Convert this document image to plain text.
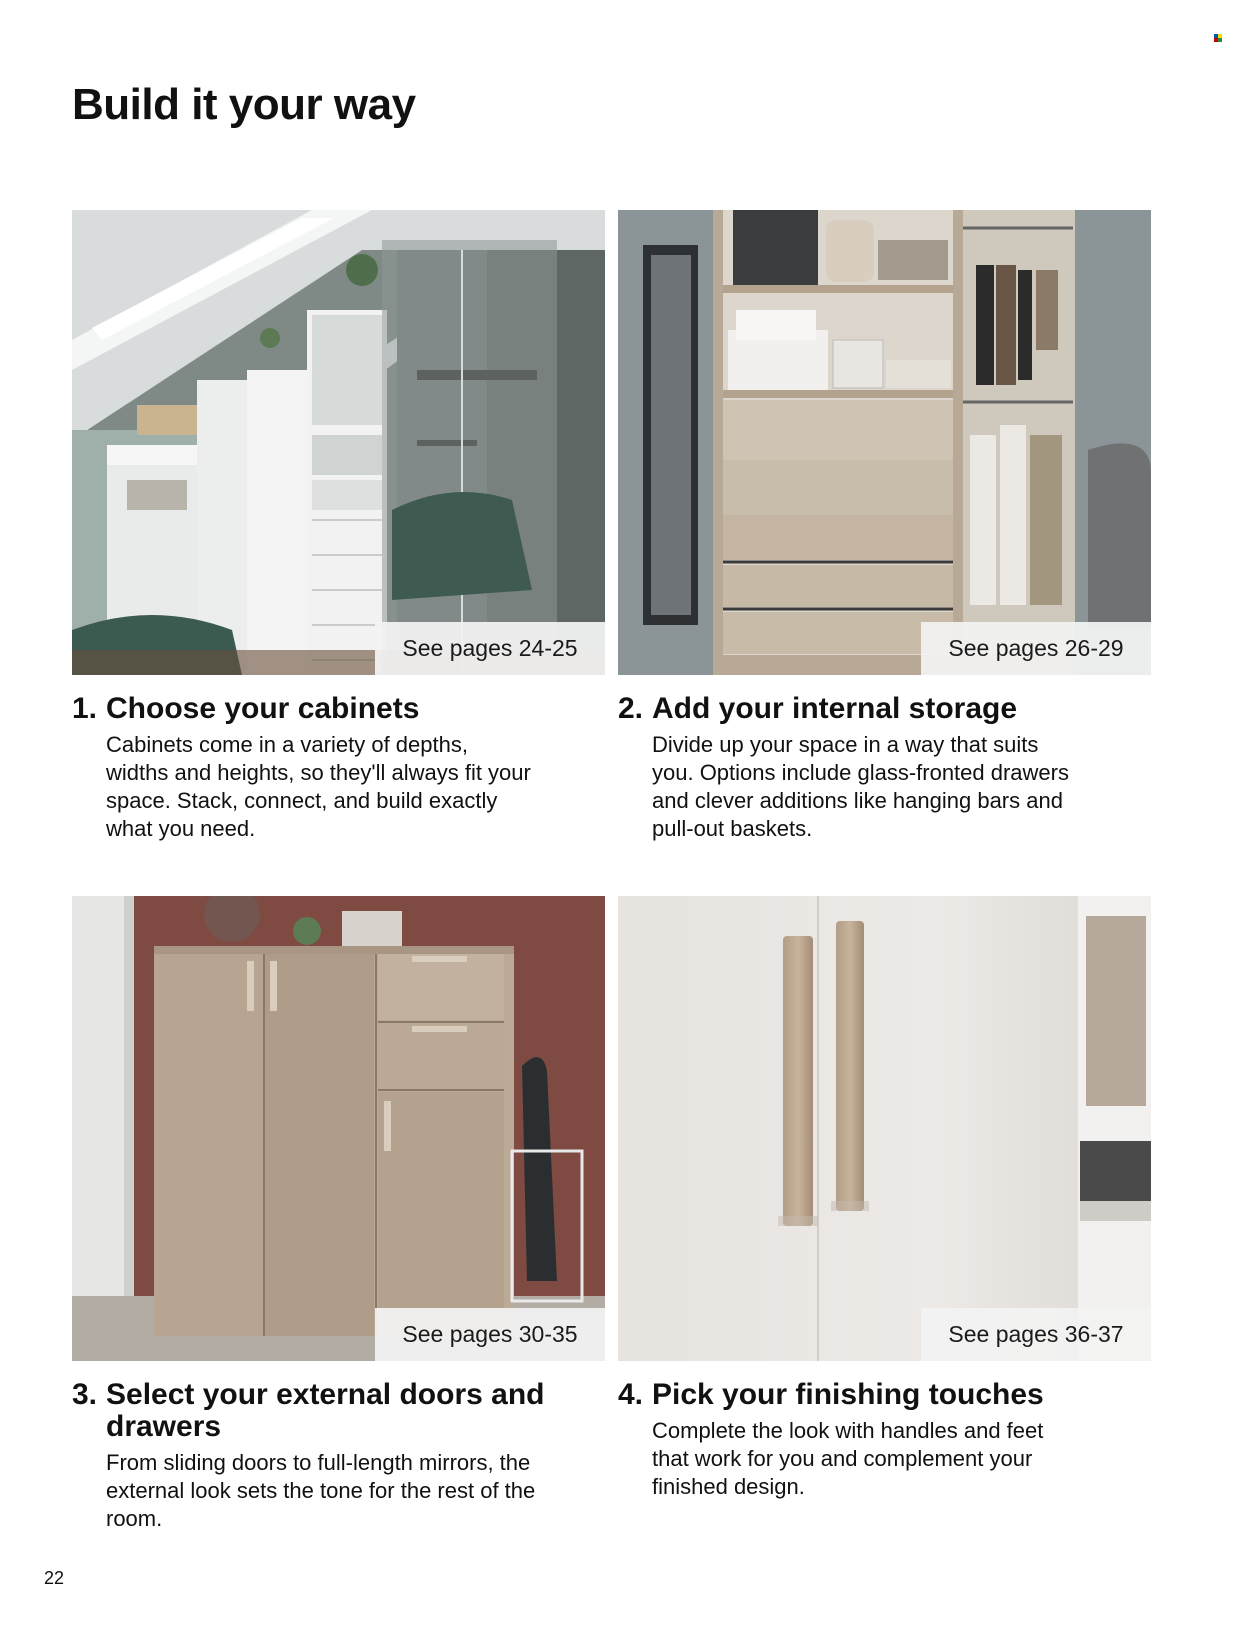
Build it your way
See pages 24-25
1. Choose your cabinets
Cabinets come in a variety of depths, widths and heights, so they'll always fit your space. Stack, connect, and build exactly what you need.
See pages 26-29
2. Add your internal storage
Divide up your space in a way that suits you. Options include glass-fronted drawers and clever additions like hanging bars and pull-out baskets.
See pages 30-35
3. Select your external doors and drawers
From sliding doors to full-length mirrors, the external look sets the tone for the rest of the room.
See pages 36-37
4. Pick your finishing touches
Complete the look with handles and feet that work for you and complement your finished design.
22
